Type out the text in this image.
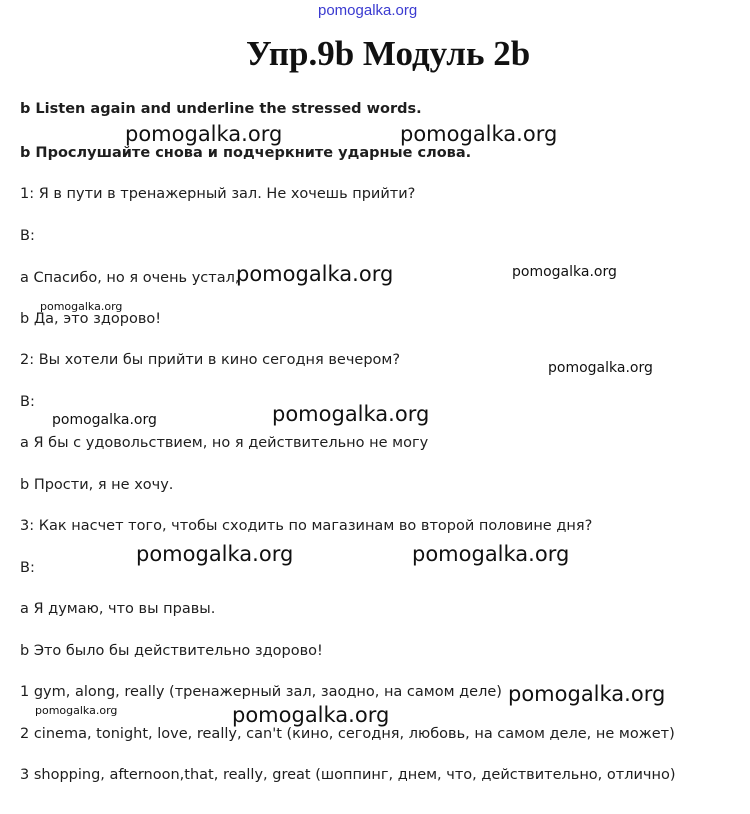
pomogalka.org
Упр.9b Модуль 2b
b Listen again and underline the stressed words.
b Прослушайте снова и подчеркните ударные слова.
1: Я в пути в тренажерный зал. Не хочешь прийти?
В:
a Спасибо, но я очень устал,
b Да, это здорово!
2: Вы хотели бы прийти в кино сегодня вечером?
В:
a Я бы с удовольствием, но я действительно не могу
b Прости, я не хочу.
3: Как насчет того, чтобы сходить по магазинам во второй половине дня?
В:
a Я думаю, что вы правы.
b Это было бы действительно здорово!
1 gym, along, really (тренажерный зал, заодно, на самом деле)
2 cinema, tonight, love, really, can't (кино, сегодня, любовь, на самом деле, не может)
3 shopping, afternoon,that, really, great (шоппинг, днем, что, действительно, отлично)
pomogalka.org	pomogalka.org
pomogalka.org	pomogalka.org
pomogalka.org
pomogalka.org
pomogalka.org	pomogalka.org
pomogalka.org	pomogalka.org
pomogalka.org
pomogalka.org	pomogalka.org
